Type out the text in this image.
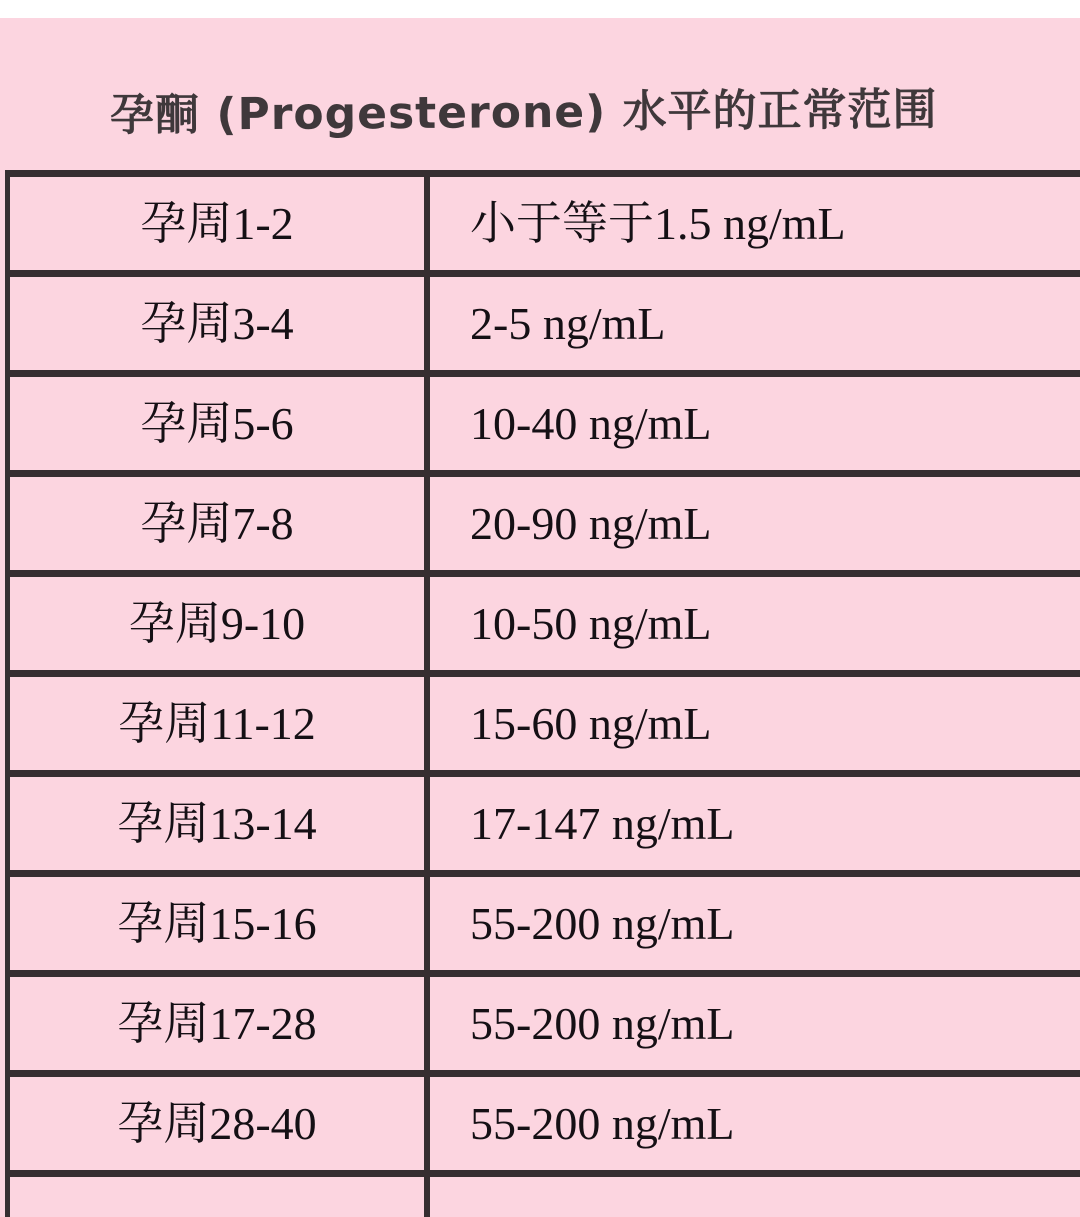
孕酮 (Progesterone) 水平的正常范围
孕周1-2	小于等于1.5 ng/mL
孕周3-4	2-5 ng/mL
孕周5-6	10-40 ng/mL
孕周7-8	20-90 ng/mL
孕周9-10	10-50 ng/mL
孕周11-12	15-60 ng/mL
孕周13-14	17-147 ng/mL
孕周15-16	55-200 ng/mL
孕周17-28	55-200 ng/mL
孕周28-40	55-200 ng/mL
